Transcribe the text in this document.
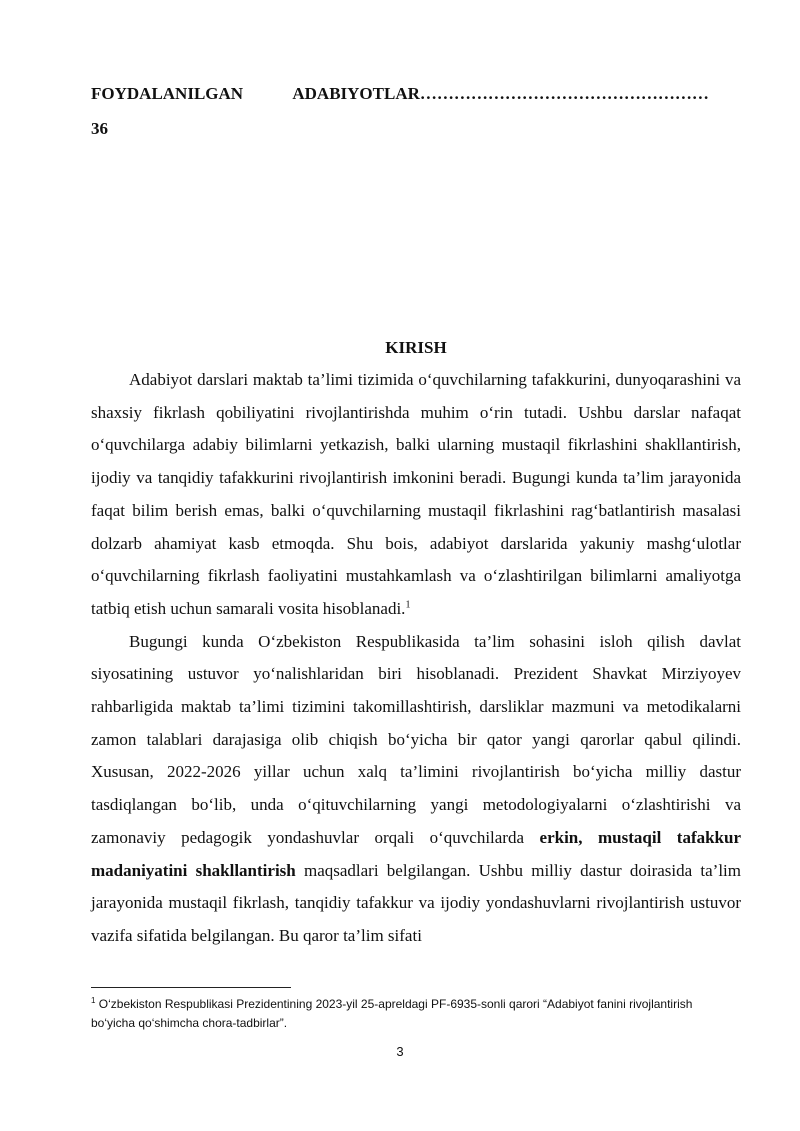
FOYDALANILGAN ADABIYOTLAR ……………………………………………
36
KIRISH

Adabiyot darslari maktab ta’limi tizimida o‘quvchilarning tafakkurini, dunyoqarashini va shaxsiy fikrlash qobiliyatini rivojlantirishda muhim o‘rin tutadi. Ushbu darslar nafaqat o‘quvchilarga adabiy bilimlarni yetkazish, balki ularning mustaqil fikrlashini shakllantirish, ijodiy va tanqidiy tafakkurini rivojlantirish imkonini beradi. Bugungi kunda ta’lim jarayonida faqat bilim berish emas, balki o‘quvchilarning mustaqil fikrlashini rag‘batlantirish masalasi dolzarb ahamiyat kasb etmoqda. Shu bois, adabiyot darslarida yakuniy mashg‘ulotlar o‘quvchilarning fikrlash faoliyatini mustahkamlash va o‘zlashtirilgan bilimlarni amaliyotga tatbiq etish uchun samarali vosita hisoblanadi.$^1$

Bugungi kunda O‘zbekiston Respublikasida ta’lim sohasini isloh qilish davlat siyosatining ustuvor yo‘nalishlaridan biri hisoblanadi. Prezident Shavkat Mirziyoyev rahbarligida maktab ta’limi tizimini takomillashtirish, darsliklar mazmuni va metodikalarni zamon talablari darajasiga olib chiqish bo‘yicha bir qator yangi qarorlar qabul qilindi. Xususan, 2022-2026 yillar uchun xalq ta’limini rivojlantirish bo‘yicha milliy dastur tasdiqlangan bo‘lib, unda o‘qituvchilarning yangi metodologiyalarni o‘zlashtirishi va zamonaviy pedagogik yondashuvlar orqali o‘quvchilarda erkin, mustaqil tafakkur madaniyatini shakllantirish maqsadlari belgilangan. Ushbu milliy dastur doirasida ta’lim jarayonida mustaqil fikrlash, tanqidiy tafakkur va ijodiy yondashuvlarni rivojlantirish ustuvor vazifa sifatida belgilangan. Bu qaror ta’lim sifati

$^1$ O‘zbekiston Respublikasi Prezidentining 2023-yil 25-apreldagi PF-6935-sonli qarori “Adabiyot fanini rivojlantirish bo‘yicha qo‘shimcha chora-tadbirlar”.
3
